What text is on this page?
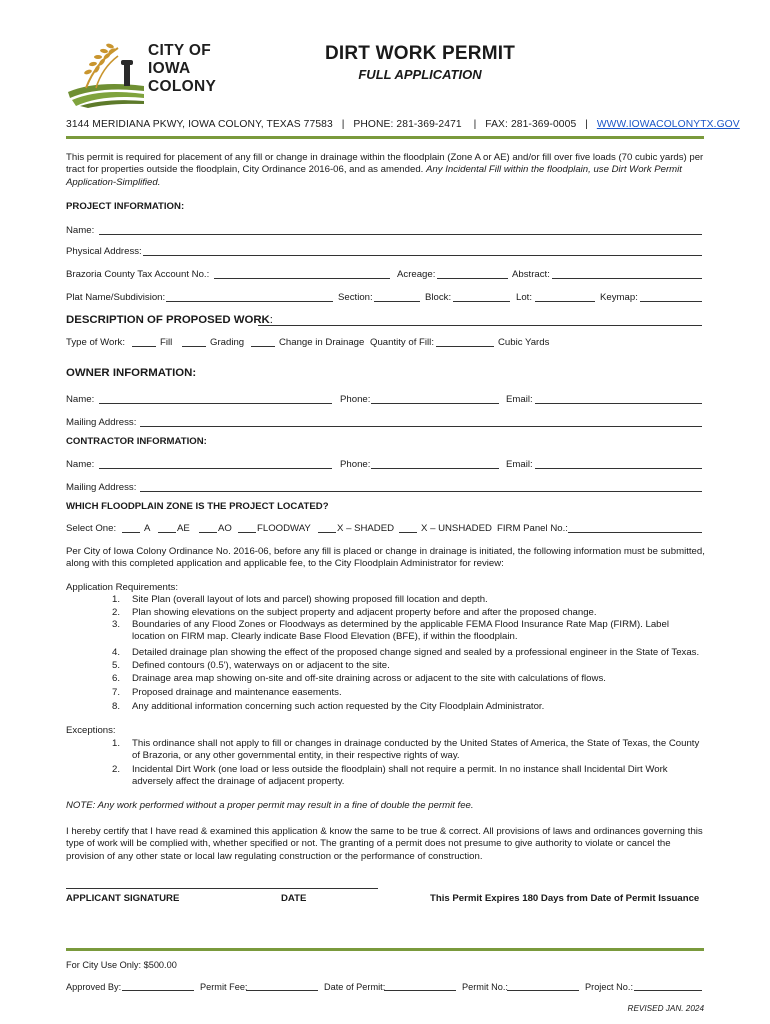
CITY OF
IOWA
COLONY
DIRT WORK PERMIT
FULL APPLICATION
3144 MERIDIANA PKWY, IOWA COLONY, TEXAS 77583 | PHONE: 281-369-2471 | FAX: 281-369-0005 | WWW.IOWACOLONYTX.GOV
This permit is required for placement of any fill or change in drainage within the floodplain (Zone A or AE) and/or fill over five loads (70 cubic yards) per tract for properties outside the floodplain, City Ordinance 2016-06, and as amended. Any Incidental Fill within the floodplain, use Dirt Work Permit Application-Simplified.
PROJECT INFORMATION:
Name:
Physical Address:
Brazoria County Tax Account No.:	Acreage:	Abstract:
Plat Name/Subdivision:	Section:	Block:	Lot:	Keymap:
DESCRIPTION OF PROPOSED WORK:
Type of Work:	Fill	Grading	Change in Drainage Quantity of Fill:	Cubic Yards
OWNER INFORMATION:
Name:	Phone:	Email:
Mailing Address:
CONTRACTOR INFORMATION:
Name:	Phone:	Email:
Mailing Address:
WHICH FLOODPLAIN ZONE IS THE PROJECT LOCATED?
Select One:	A	AE	AO	FLOODWAY	X – SHADED	X – UNSHADED FIRM Panel No.:
Per City of Iowa Colony Ordinance No. 2016-06, before any fill is placed or change in drainage is initiated, the following information must be submitted, along with this completed application and applicable fee, to the City Floodplain Administrator for review:
Application Requirements:
1. Site Plan (overall layout of lots and parcel) showing proposed fill location and depth.
2. Plan showing elevations on the subject property and adjacent property before and after the proposed change.
3. Boundaries of any Flood Zones or Floodways as determined by the applicable FEMA Flood Insurance Rate Map (FIRM). Label location on FIRM map. Clearly indicate Base Flood Elevation (BFE), if within the floodplain.
4. Detailed drainage plan showing the effect of the proposed change signed and sealed by a professional engineer in the State of Texas.
5. Defined contours (0.5'), waterways on or adjacent to the site.
6. Drainage area map showing on-site and off-site draining across or adjacent to the site with calculations of flows.
7. Proposed drainage and maintenance easements.
8. Any additional information concerning such action requested by the City Floodplain Administrator.
Exceptions:
1. This ordinance shall not apply to fill or changes in drainage conducted by the United States of America, the State of Texas, the County of Brazoria, or any other governmental entity, in their respective rights of way.
2. Incidental Dirt Work (one load or less outside the floodplain) shall not require a permit. In no instance shall Incidental Dirt Work adversely affect the drainage of adjacent property.
NOTE: Any work performed without a proper permit may result in a fine of double the permit fee.
I hereby certify that I have read & examined this application & know the same to be true & correct. All provisions of laws and ordinances governing this type of work will be complied with, whether specified or not. The granting of a permit does not presume to give authority to violate or cancel the provision of any other state or local law regulating construction or the performance of construction.
APPLICANT SIGNATURE	DATE	This Permit Expires 180 Days from Date of Permit Issuance
For City Use Only: $500.00
Approved By:	Permit Fee:	Date of Permit:	Permit No.:	Project No.:
REVISED JAN. 2024
